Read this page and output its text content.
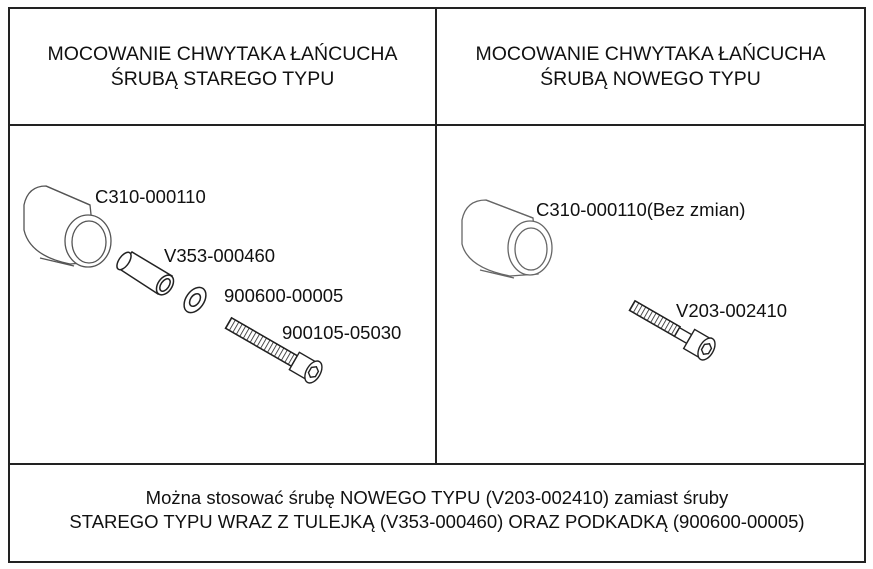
MOCOWANIE CHWYTAKA ŁAŃCUCHA
ŚRUBĄ STAREGO TYPU
MOCOWANIE CHWYTAKA ŁAŃCUCHA
ŚRUBĄ NOWEGO TYPU
C310-000110
V353-000460
900600-00005
900105-05030
C310-000110(Bez zmian)
V203-002410
Można stosować śrubę NOWEGO TYPU (V203-002410) zamiast śruby
STAREGO TYPU WRAZ Z TULEJKĄ (V353-000460) ORAZ PODKADKĄ (900600-00005)
